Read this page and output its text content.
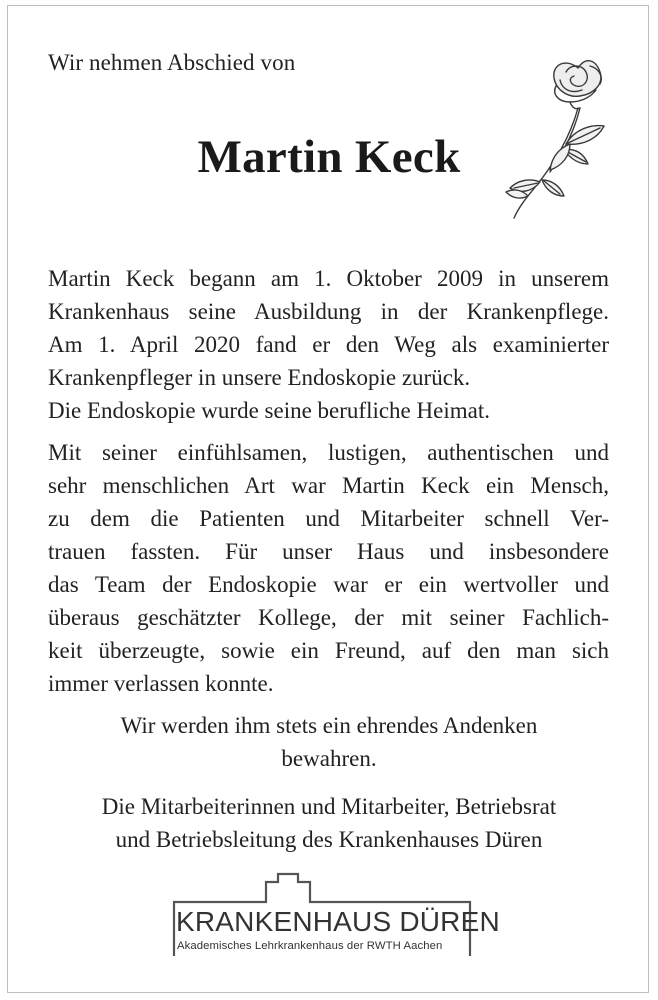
Wir nehmen Abschied von
Martin Keck
Martin Keck begann am 1. Oktober 2009 in unserem
Krankenhaus seine Ausbildung in der Krankenpflege.
Am 1. April 2020 fand er den Weg als examinierter
Krankenpfleger in unsere Endoskopie zurück.
Die Endoskopie wurde seine berufliche Heimat.
Mit seiner einfühlsamen, lustigen, authentischen und
sehr menschlichen Art war Martin Keck ein Mensch,
zu dem die Patienten und Mitarbeiter schnell Ver-
trauen fassten. Für unser Haus und insbesondere
das Team der Endoskopie war er ein wertvoller und
überaus geschätzter Kollege, der mit seiner Fachlich-
keit überzeugte, sowie ein Freund, auf den man sich
immer verlassen konnte.
Wir werden ihm stets ein ehrendes Andenken
bewahren.
Die Mitarbeiterinnen und Mitarbeiter, Betriebsrat
und Betriebsleitung des Krankenhauses Düren
KRANKENHAUS DÜREN
Akademisches Lehrkrankenhaus der RWTH Aachen
